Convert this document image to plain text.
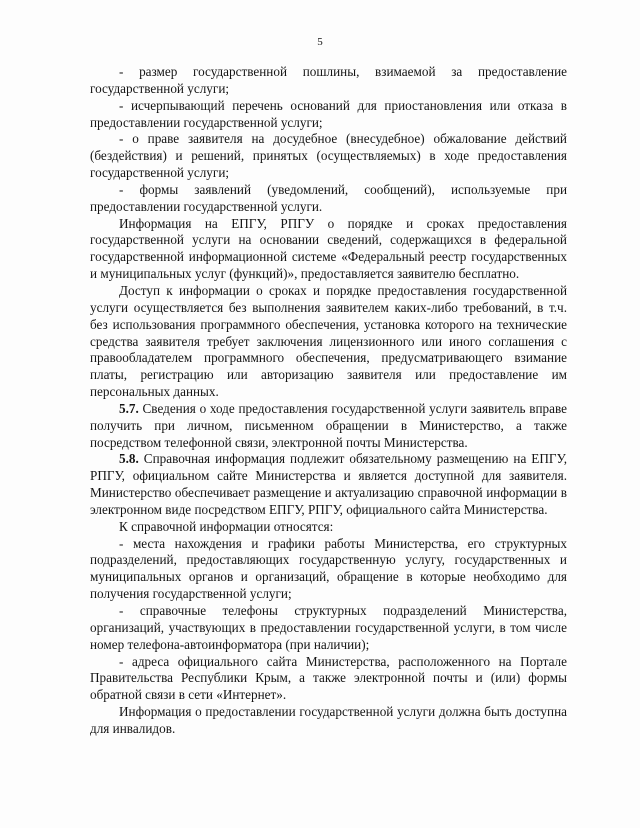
5

- размер государственной пошлины, взимаемой за предоставление государственной услуги;

- исчерпывающий перечень оснований для приостановления или отказа в предоставлении государственной услуги;

- о праве заявителя на досудебное (внесудебное) обжалование действий (бездействия) и решений, принятых (осуществляемых) в ходе предоставления государственной услуги;

- формы заявлений (уведомлений, сообщений), используемые при предоставлении государственной услуги.

Информация на ЕПГУ, РПГУ о порядке и сроках предоставления государственной услуги на основании сведений, содержащихся в федеральной государственной информационной системе «Федеральный реестр государственных и муниципальных услуг (функций)», предоставляется заявителю бесплатно.

Доступ к информации о сроках и порядке предоставления государственной услуги осуществляется без выполнения заявителем каких-либо требований, в т.ч. без использования программного обеспечения, установка которого на технические средства заявителя требует заключения лицензионного или иного соглашения с правообладателем программного обеспечения, предусматривающего взимание платы, регистрацию или авторизацию заявителя или предоставление им персональных данных.

5.7. Сведения о ходе предоставления государственной услуги заявитель вправе получить при личном, письменном обращении в Министерство, а также посредством телефонной связи, электронной почты Министерства.

5.8. Справочная информация подлежит обязательному размещению на ЕПГУ, РПГУ, официальном сайте Министерства и является доступной для заявителя. Министерство обеспечивает размещение и актуализацию справочной информации в электронном виде посредством ЕПГУ, РПГУ, официального сайта Министерства.

К справочной информации относятся:

- места нахождения и графики работы Министерства, его структурных подразделений, предоставляющих государственную услугу, государственных и муниципальных органов и организаций, обращение в которые необходимо для получения государственной услуги;

- справочные телефоны структурных подразделений Министерства, организаций, участвующих в предоставлении государственной услуги, в том числе номер телефона-автоинформатора (при наличии);

- адреса официального сайта Министерства, расположенного на Портале Правительства Республики Крым, а также электронной почты и (или) формы обратной связи в сети «Интернет».

Информация о предоставлении государственной услуги должна быть доступна для инвалидов.
